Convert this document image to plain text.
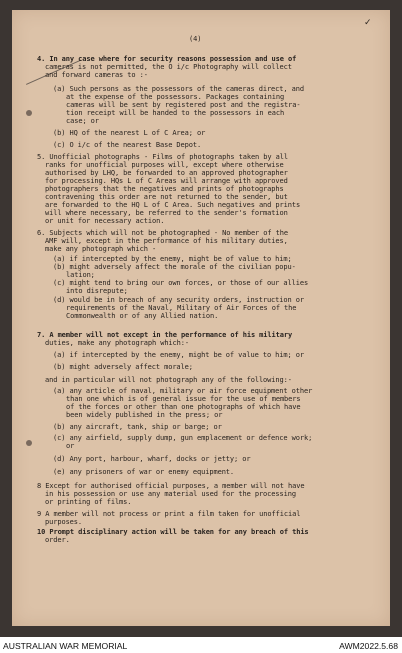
✓
(4)
4. In any case where for security reasons possession and use of
cameras is not permitted, the O i/c Photography will collect
and forward cameras to :-
(a) Such persons as the possessors of the cameras direct, and
at the expense of the possessors. Packages containing
cameras will be sent by registered post and the registra-
tion receipt will be handed to the possessors in each
case; or
(b) HQ of the nearest L of C Area; or
(c) O i/c of the nearest Base Depot.
5. Unofficial photographs - Films of photographs taken by all
ranks for unofficial purposes will, except where otherwise
authorised by LHQ, be forwarded to an approved photographer
for processing. HQs L of C Areas will arrange with approved
photographers that the negatives and prints of photographs
contravening this order are not returned to the sender, but
are forwarded to the HQ L of C Area. Such negatives and prints
will where necessary, be referred to the sender's formation
or unit for necessary action.
6. Subjects which will not be photographed - No member of the
AMF will, except in the performance of his military duties,
make any photograph which -
(a) if intercepted by the enemy, might be of value to him;
(b) might adversely affect the morale of the civilian popu-
lation;
(c) might tend to bring our own forces, or those of our allies
into disrepute;
(d) would be in breach of any security orders, instruction or
requirements of the Naval, Military of Air Forces of the
Commonwealth or of any Allied nation.
7. A member will not except in the performance of his military
duties, make any photograph which:-
(a) if intercepted by the enemy, might be of value to him; or
(b) might adversely affect morale;
and in particular will not photograph any of the following:-
(a) any article of naval, military or air force equipment other
than one which is of general issue for the use of members
of the forces or other than one photographs of which have
been widely published in the press; or
(b) any aircraft, tank, ship or barge; or
(c) any airfield, supply dump, gun emplacement or defence work;
or
(d) Any port, harbour, wharf, docks or jetty; or
(e) any prisoners of war or enemy equipment.
8 Except for authorised official purposes, a member will not have
in his possession or use any material used for the processing
or printing of films.
9 A member will not process or print a film taken for unofficial
purposes.
10 Prompt disciplinary action will be taken for any breach of this
order.
AUSTRALIAN WAR MEMORIAL	AWM2022.5.68
